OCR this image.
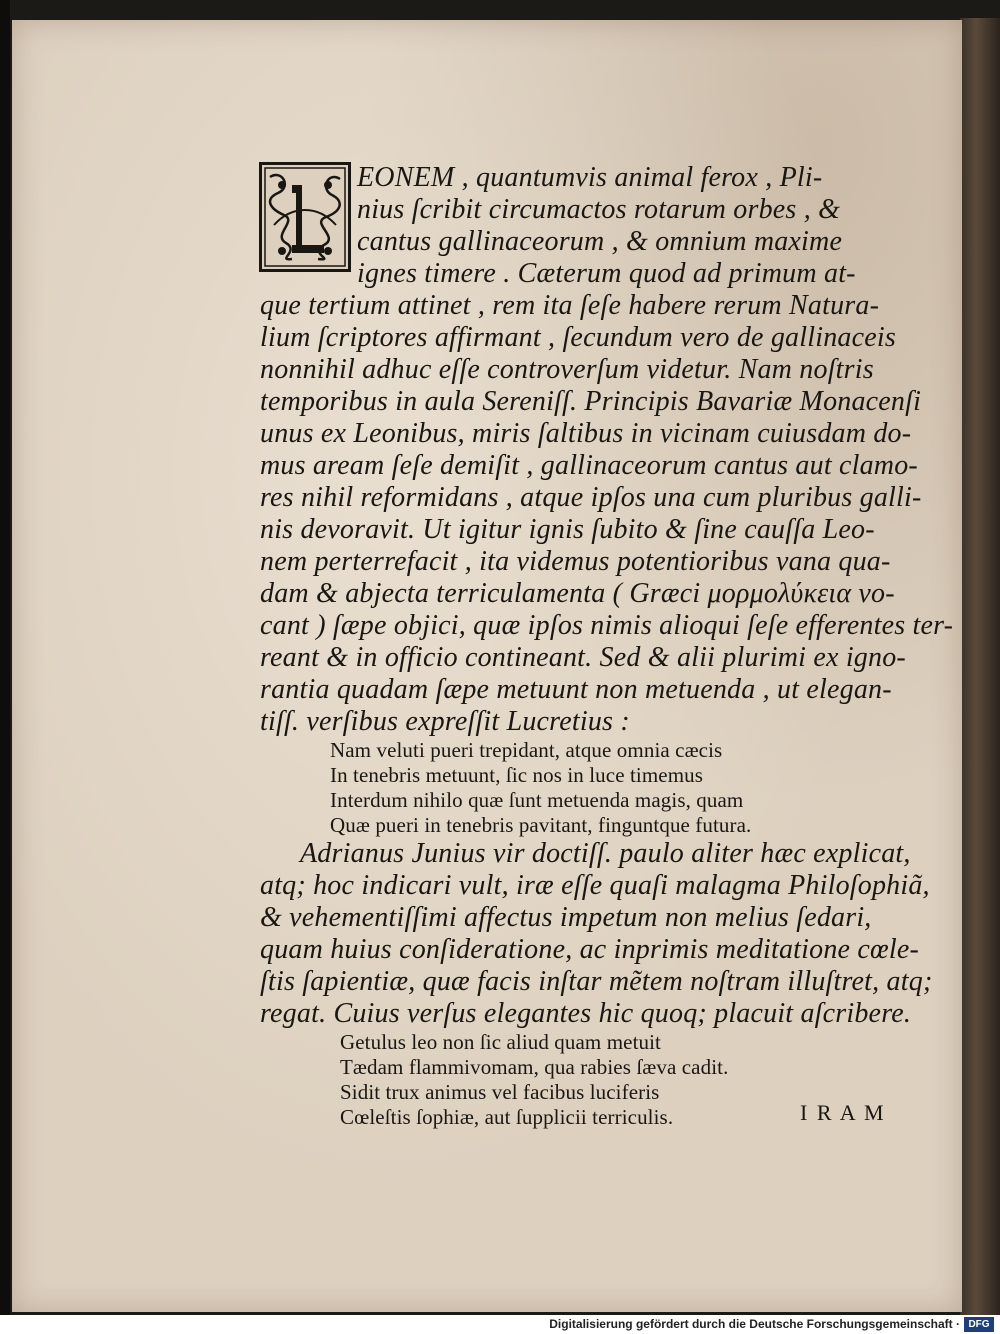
EONEM , quantumvis animal ferox , Pli-
nius ſcribit circumactos rotarum orbes , &
cantus gallinaceorum , & omnium maxime
ignes timere . Cæterum quod ad primum at-
que tertium attinet , rem ita ſeſe habere rerum Natura-
lium ſcriptores affirmant , ſecundum vero de gallinaceis
nonnihil adhuc eſſe controverſum videtur. Nam noſtris
temporibus in aula Sereniſſ. Principis Bavariæ Monacenſi
unus ex Leonibus, miris ſaltibus in vicinam cuiusdam do-
mus aream ſeſe demiſit , gallinaceorum cantus aut clamo-
res nihil reformidans , atque ipſos una cum pluribus galli-
nis devoravit. Ut igitur ignis ſubito & ſine cauſſa Leo-
nem perterrefacit , ita videmus potentioribus vana qua-
dam & abjecta terriculamenta ( Græci μορμολύκεια vo-
cant ) ſæpe objici, quæ ipſos nimis alioqui ſeſe efferentes ter-
reant & in officio contineant. Sed & alii plurimi ex igno-
rantia quadam ſæpe metuunt non metuenda , ut elegan-
tiſſ. verſibus expreſſit Lucretius :
Nam veluti pueri trepidant, atque omnia cæcis
In tenebris metuunt, ſic nos in luce timemus
Interdum nihilo quæ ſunt metuenda magis, quam
Quæ pueri in tenebris pavitant, finguntque futura.
Adrianus Junius vir doctiſſ. paulo aliter hæc explicat,
atq; hoc indicari vult, iræ eſſe quaſi malagma Philoſophiã,
& vehementiſſimi affectus impetum non melius ſedari,
quam huius conſideratione, ac inprimis meditatione cœle-
ſtis ſapientiæ, quæ facis inſtar mẽtem noſtram illuſtret, atq;
regat. Cuius verſus elegantes hic quoq; placuit aſcribere.
Getulus leo non ſic aliud quam metuit
Tædam flammivomam, qua rabies ſæva cadit.
Sidit trux animus vel facibus luciferis
Cœleſtis ſophiæ, aut ſupplicii terriculis.	I R A M
Digitalisierung gefördert durch die Deutsche Forschungsgemeinschaft · DFG
